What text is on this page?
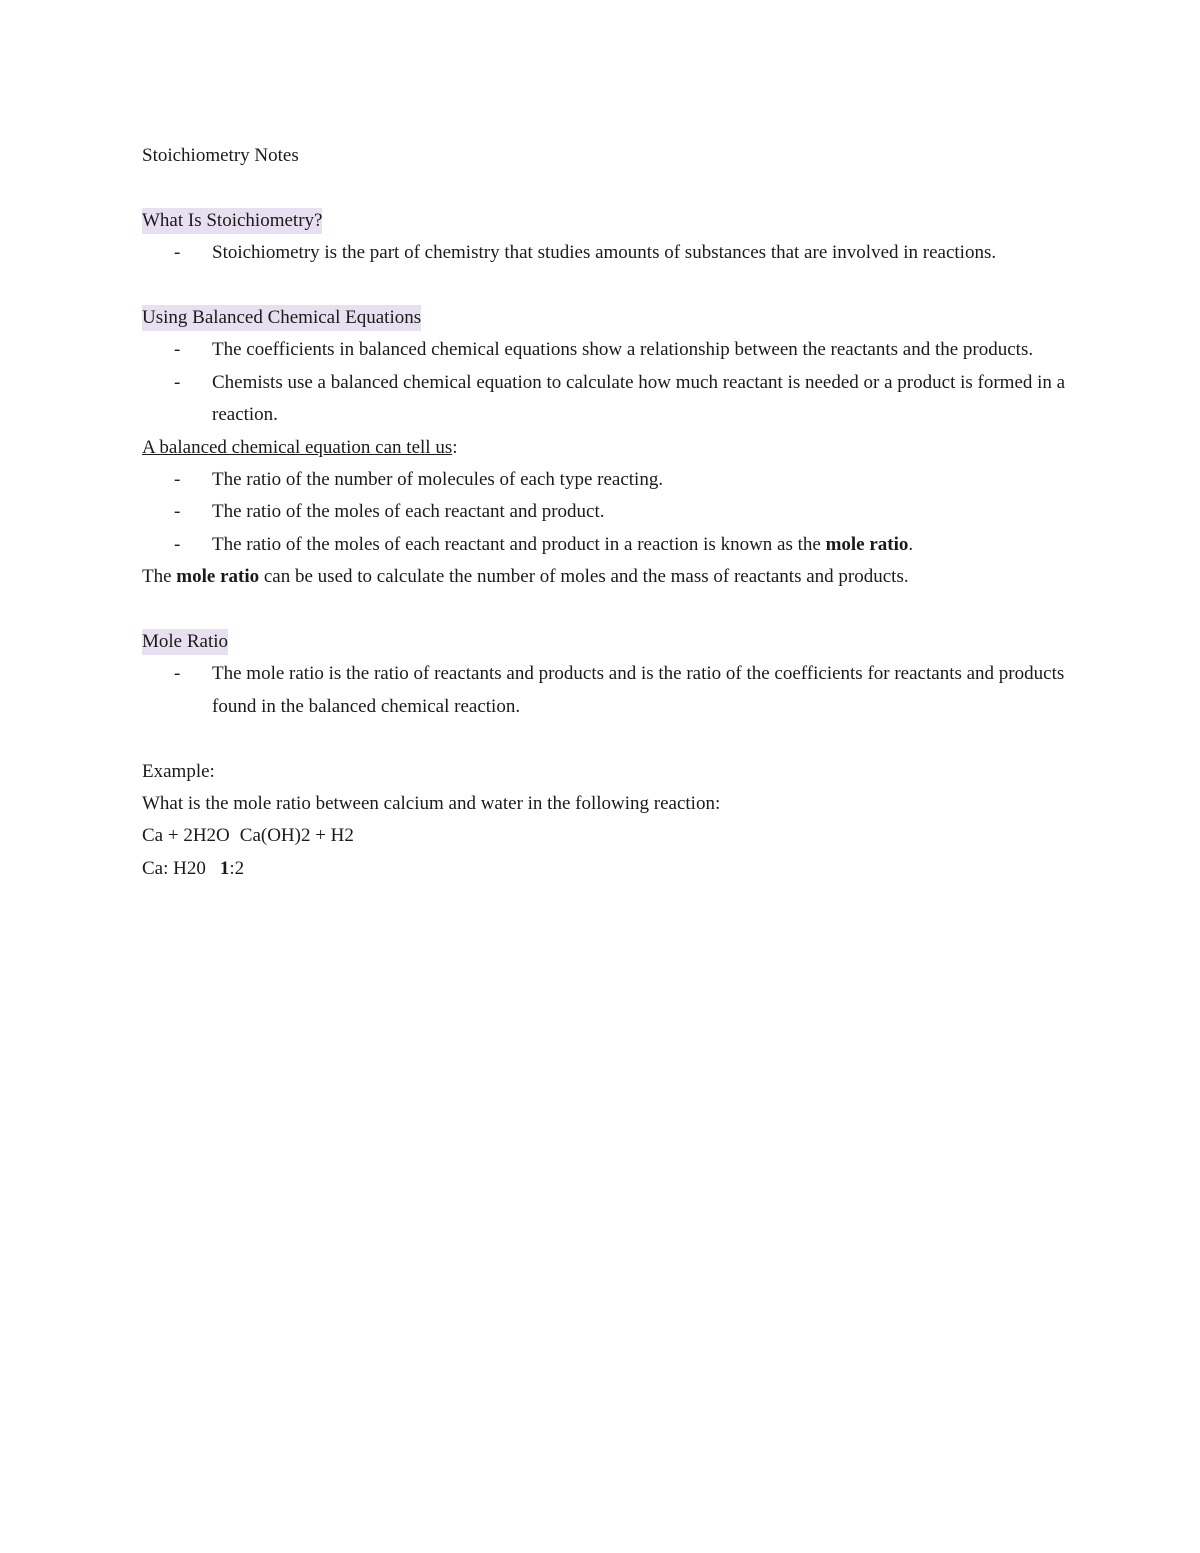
Stoichiometry Notes
What Is Stoichiometry?
- Stoichiometry is the part of chemistry that studies amounts of substances that are involved in reactions.
Using Balanced Chemical Equations
- The coefficients in balanced chemical equations show a relationship between the reactants and the products.
- Chemists use a balanced chemical equation to calculate how much reactant is needed or a product is formed in a reaction.
A balanced chemical equation can tell us:
- The ratio of the number of molecules of each type reacting.
- The ratio of the moles of each reactant and product.
- The ratio of the moles of each reactant and product in a reaction is known as the mole ratio.
The mole ratio can be used to calculate the number of moles and the mass of reactants and products.
Mole Ratio
- The mole ratio is the ratio of reactants and products and is the ratio of the coefficients for reactants and products found in the balanced chemical reaction.
Example:
What is the mole ratio between calcium and water in the following reaction:
Ca + 2H2O Ca(OH)2 + H2
Ca: H20 1:2
